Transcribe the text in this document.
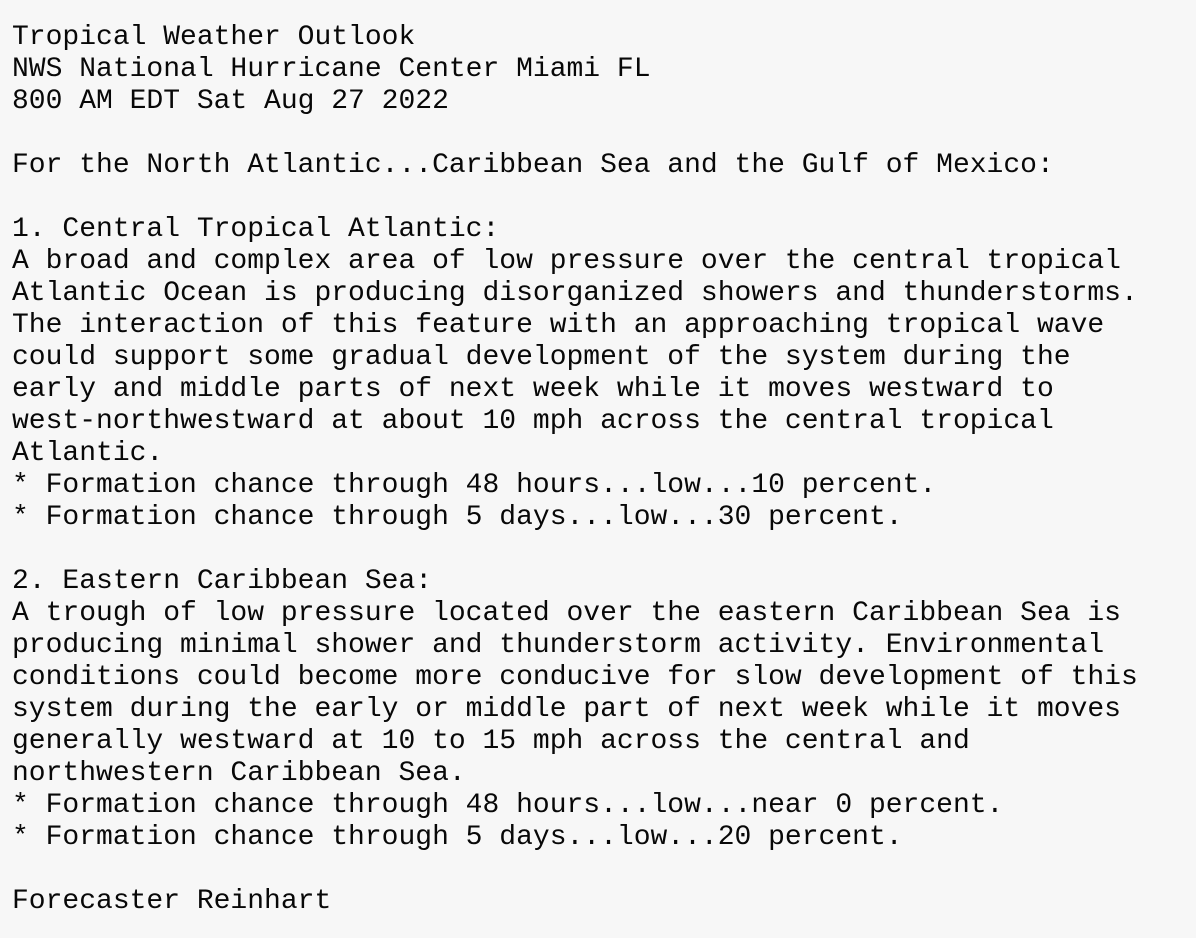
Tropical Weather Outlook
NWS National Hurricane Center Miami FL
800 AM EDT Sat Aug 27 2022
For the North Atlantic...Caribbean Sea and the Gulf of Mexico:
1. Central Tropical Atlantic:
A broad and complex area of low pressure over the central tropical
Atlantic Ocean is producing disorganized showers and thunderstorms.
The interaction of this feature with an approaching tropical wave
could support some gradual development of the system during the
early and middle parts of next week while it moves westward to
west-northwestward at about 10 mph across the central tropical
Atlantic.
* Formation chance through 48 hours...low...10 percent.
* Formation chance through 5 days...low...30 percent.
2. Eastern Caribbean Sea:
A trough of low pressure located over the eastern Caribbean Sea is
producing minimal shower and thunderstorm activity. Environmental
conditions could become more conducive for slow development of this
system during the early or middle part of next week while it moves
generally westward at 10 to 15 mph across the central and
northwestern Caribbean Sea.
* Formation chance through 48 hours...low...near 0 percent.
* Formation chance through 5 days...low...20 percent.
Forecaster Reinhart
